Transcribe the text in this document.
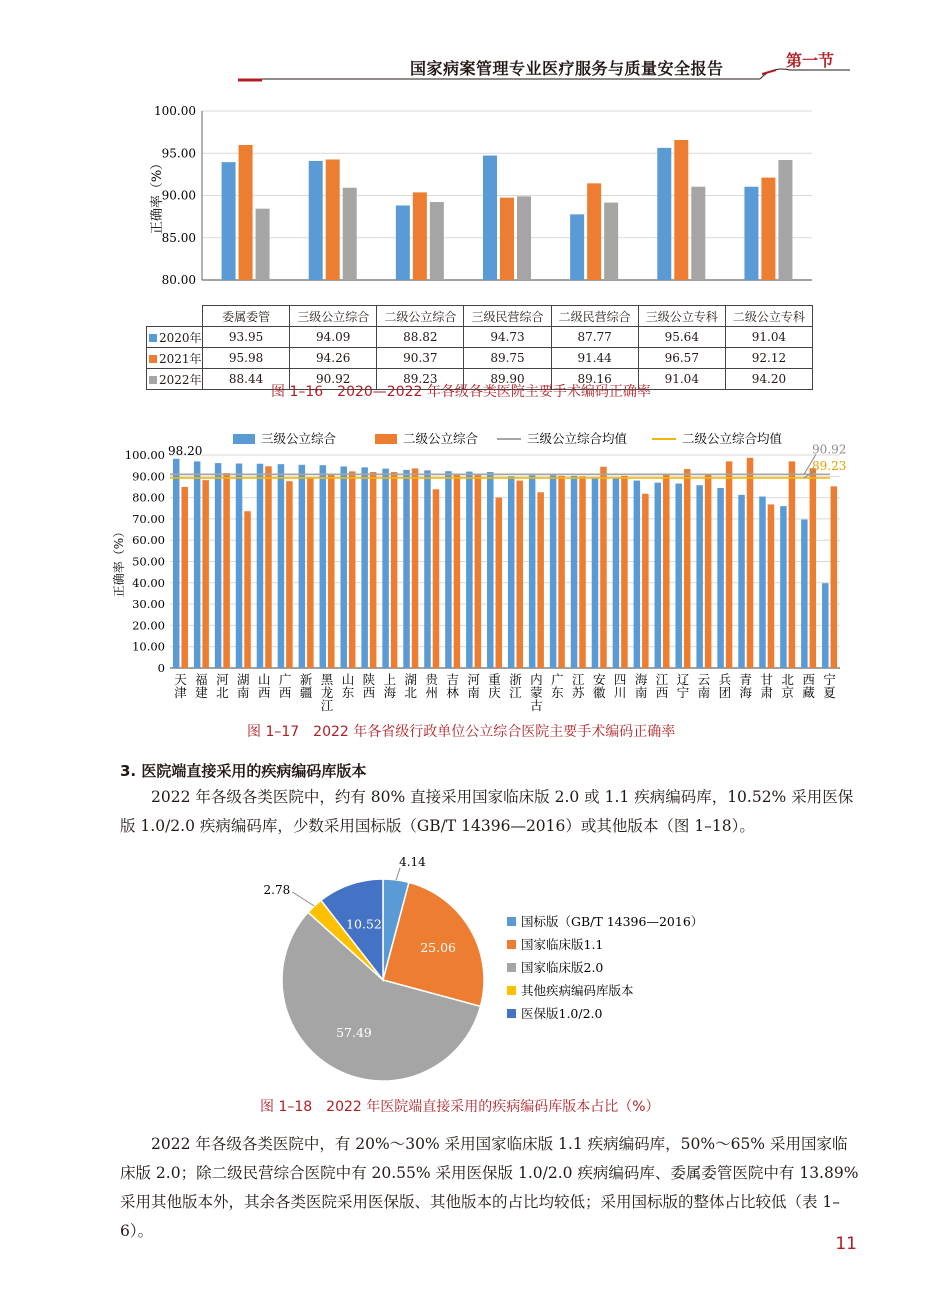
国家病案管理专业医疗服务与质量安全报告	第一节
80.00
85.00
90.00
95.00
100.00
正确率（%）
	委属委管	三级公立综合	二级公立综合	三级民营综合	二级民营综合	三级公立专科	二级公立专科
2020年	93.95	94.09	88.82	94.73	87.77	95.64	91.04
2021年	95.98	94.26	90.37	89.75	91.44	96.57	92.12
2022年	88.44	90.92	89.23	89.90	89.16	91.04	94.20
图 1–16　2020—2022 年各级各类医院主要手术编码正确率
0
10.00
20.00
30.00
40.00
50.00
60.00
70.00
80.00
90.00
100.00
正确率（%）
三级公立综合	二级公立综合	三级公立综合均值	二级公立综合均值
天津
福建
河北
湖南
山西
广西
新疆
黑龙江
山东
陕西
上海
湖北
贵州
吉林
河南
重庆
浙江
内蒙古
广东
江苏
安徽
四川
海南
江西
辽宁
云南
兵团
青海
甘肃
北京
西藏
宁夏
90.92
89.23
98.20
图 1–17　2022 年各省级行政单位公立综合医院主要手术编码正确率
3. 医院端直接采用的疾病编码库版本
2022 年各级各类医院中，约有 80% 直接采用国家临床版 2.0 或 1.1 疾病编码库，10.52% 采用医保版 1.0/2.0 疾病编码库，少数采用国标版（GB/T 14396—2016）或其他版本（图 1–18）。
25.06
57.49
10.52
4.14
2.78
国标版（GB/T 14396—2016）
国家临床版1.1
国家临床版2.0
其他疾病编码库版本
医保版1.0/2.0
图 1–18　2022 年医院端直接采用的疾病编码库版本占比（%）
2022 年各级各类医院中，有 20%～30% 采用国家临床版 1.1 疾病编码库，50%～65% 采用国家临床版 2.0；除二级民营综合医院中有 20.55% 采用医保版 1.0/2.0 疾病编码库、委属委管医院中有 13.89% 采用其他版本外，其余各类医院采用医保版、其他版本的占比均较低；采用国标版的整体占比较低（表 1–6）。
11
